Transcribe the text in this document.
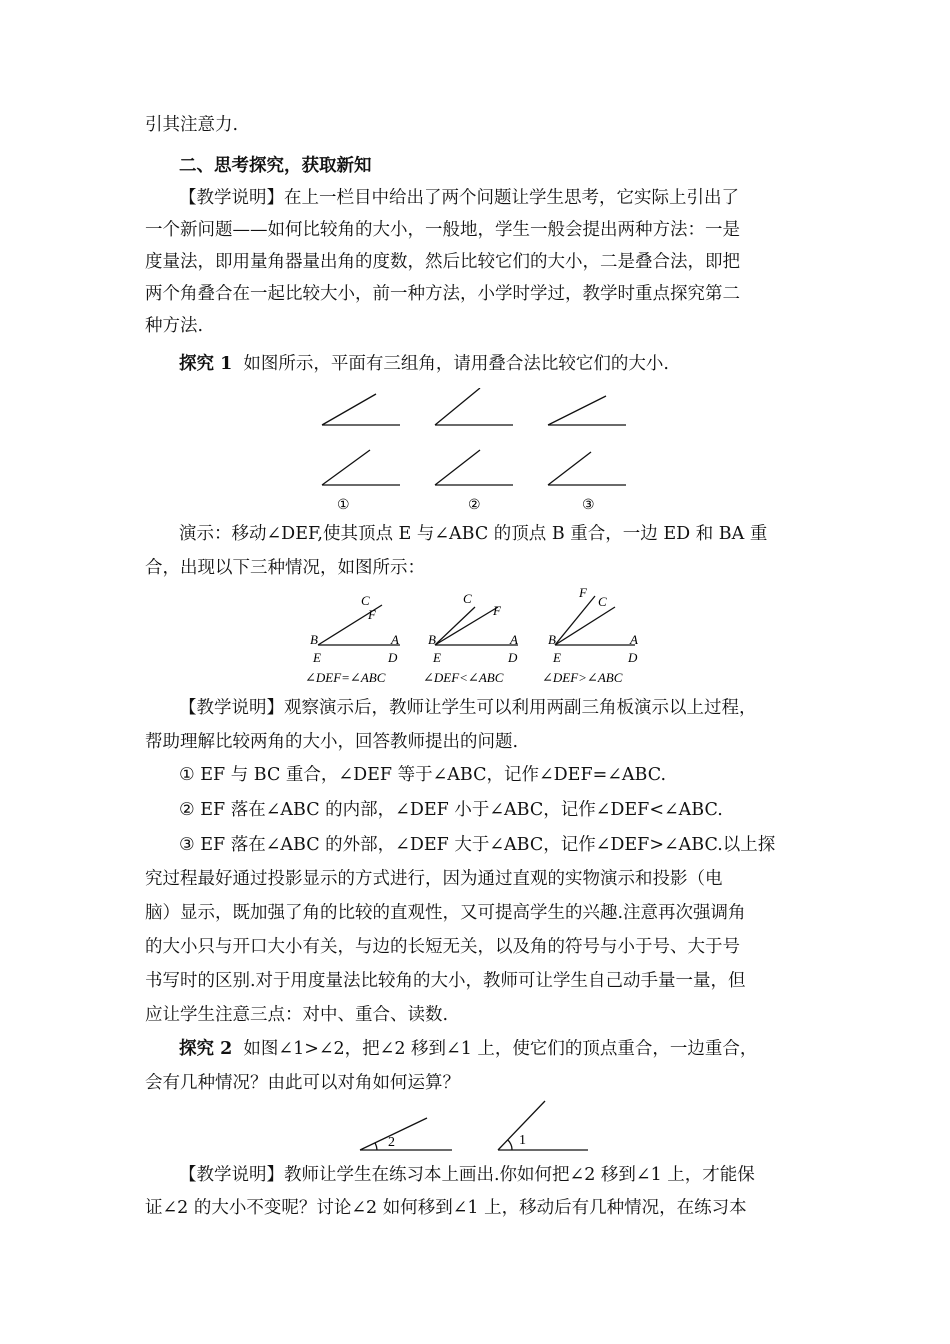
引其注意力.
二、思考探究，获取新知
【教学说明】在上一栏目中给出了两个问题让学生思考，它实际上引出了
一个新问题——如何比较角的大小，一般地，学生一般会提出两种方法：一是
度量法，即用量角器量出角的度数，然后比较它们的大小，二是叠合法，即把
两个角叠合在一起比较大小，前一种方法，小学时学过，教学时重点探究第二
种方法.
探究 1 如图所示，平面有三组角，请用叠合法比较它们的大小.
①	②	③
演示：移动∠DEF,使其顶点 E 与∠ABC 的顶点 B 重合，一边 ED 和 BA 重
合，出现以下三种情况，如图所示：
C
F
B	A
E	D
C
F
B	A
E	D
F
C
B	A
E	D
∠DEF=∠ABC	∠DEF<∠ABC	∠DEF>∠ABC
【教学说明】观察演示后，教师让学生可以利用两副三角板演示以上过程，
帮助理解比较两角的大小，回答教师提出的问题.
① EF 与 BC 重合，∠DEF 等于∠ABC，记作∠DEF=∠ABC.
② EF 落在∠ABC 的内部，∠DEF 小于∠ABC，记作∠DEF<∠ABC.
③ EF 落在∠ABC 的外部，∠DEF 大于∠ABC，记作∠DEF>∠ABC.以上探
究过程最好通过投影显示的方式进行，因为通过直观的实物演示和投影（电
脑）显示，既加强了角的比较的直观性，又可提高学生的兴趣.注意再次强调角
的大小只与开口大小有关，与边的长短无关，以及角的符号与小于号、大于号
书写时的区别.对于用度量法比较角的大小，教师可让学生自己动手量一量，但
应让学生注意三点：对中、重合、读数.
探究 2 如图∠1>∠2，把∠2 移到∠1 上，使它们的顶点重合，一边重合，
会有几种情况？由此可以对角如何运算？
2	1
【教学说明】教师让学生在练习本上画出.你如何把∠2 移到∠1 上，才能保
证∠2 的大小不变呢？讨论∠2 如何移到∠1 上，移动后有几种情况，在练习本
